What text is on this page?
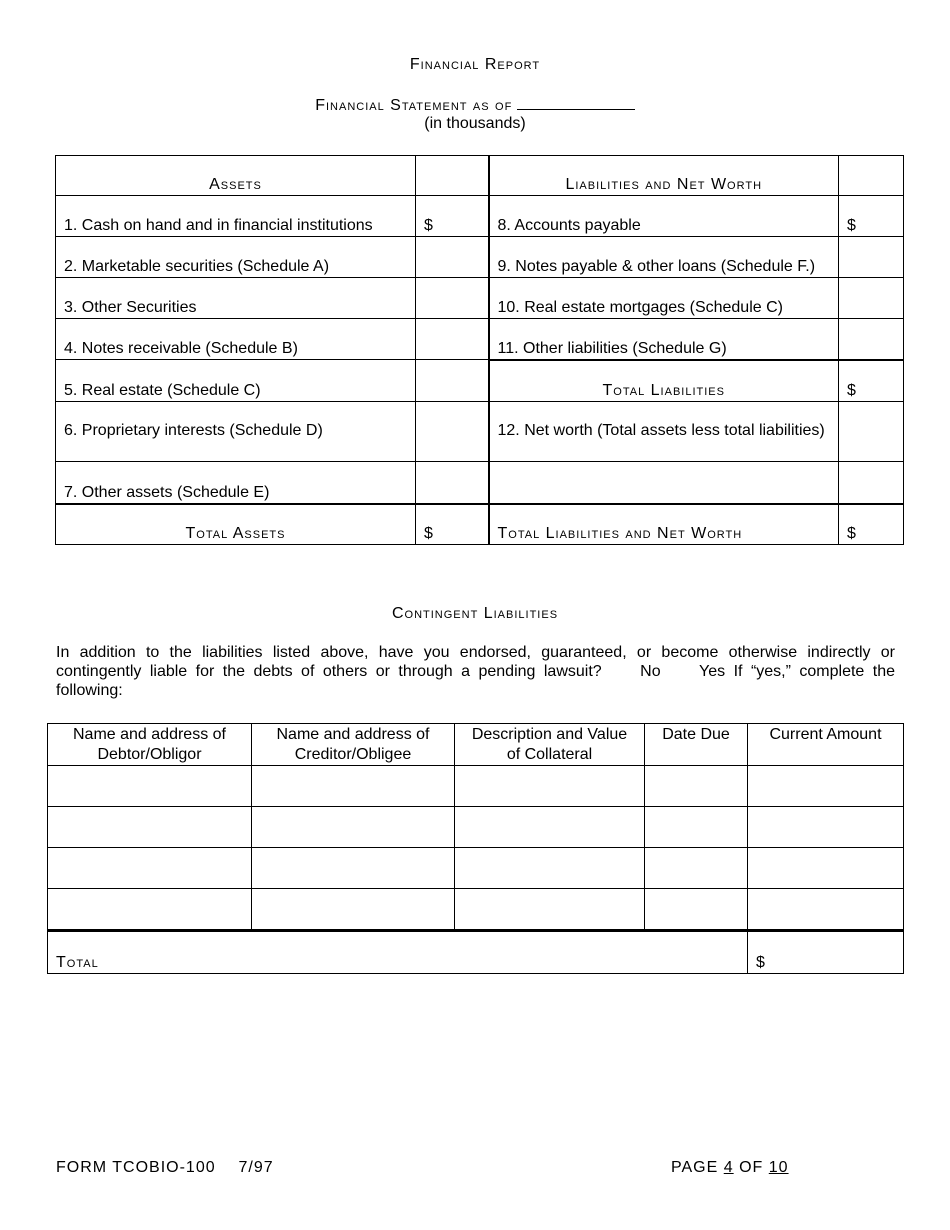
Financial Report
Financial Statement as of
(in thousands)
Assets		Liabilities and Net Worth	
1. Cash on hand and in financial institutions	$	8. Accounts payable	$
2. Marketable securities (Schedule A)		9. Notes payable & other loans (Schedule F.)	
3. Other Securities		10. Real estate mortgages (Schedule C)	
4. Notes receivable (Schedule B)		11. Other liabilities (Schedule G)	
5. Real estate (Schedule C)		Total Liabilities	$
6. Proprietary interests (Schedule D)		12. Net worth (Total assets less total liabilities)	
7. Other assets (Schedule E)			
Total Assets	$	Total Liabilities and Net Worth	$
Contingent Liabilities
In addition to the liabilities listed above, have you endorsed, guaranteed, or become otherwise indirectly or contingently liable for the debts of others or through a pending lawsuit? No Yes If “yes,” complete the following:
Name and address of Debtor/Obligor	Name and address of Creditor/Obligee	Description and Value of Collateral	Date Due	Current Amount

Total				$
FORM TCOBIO-100 7/97	PAGE 4 OF 10
